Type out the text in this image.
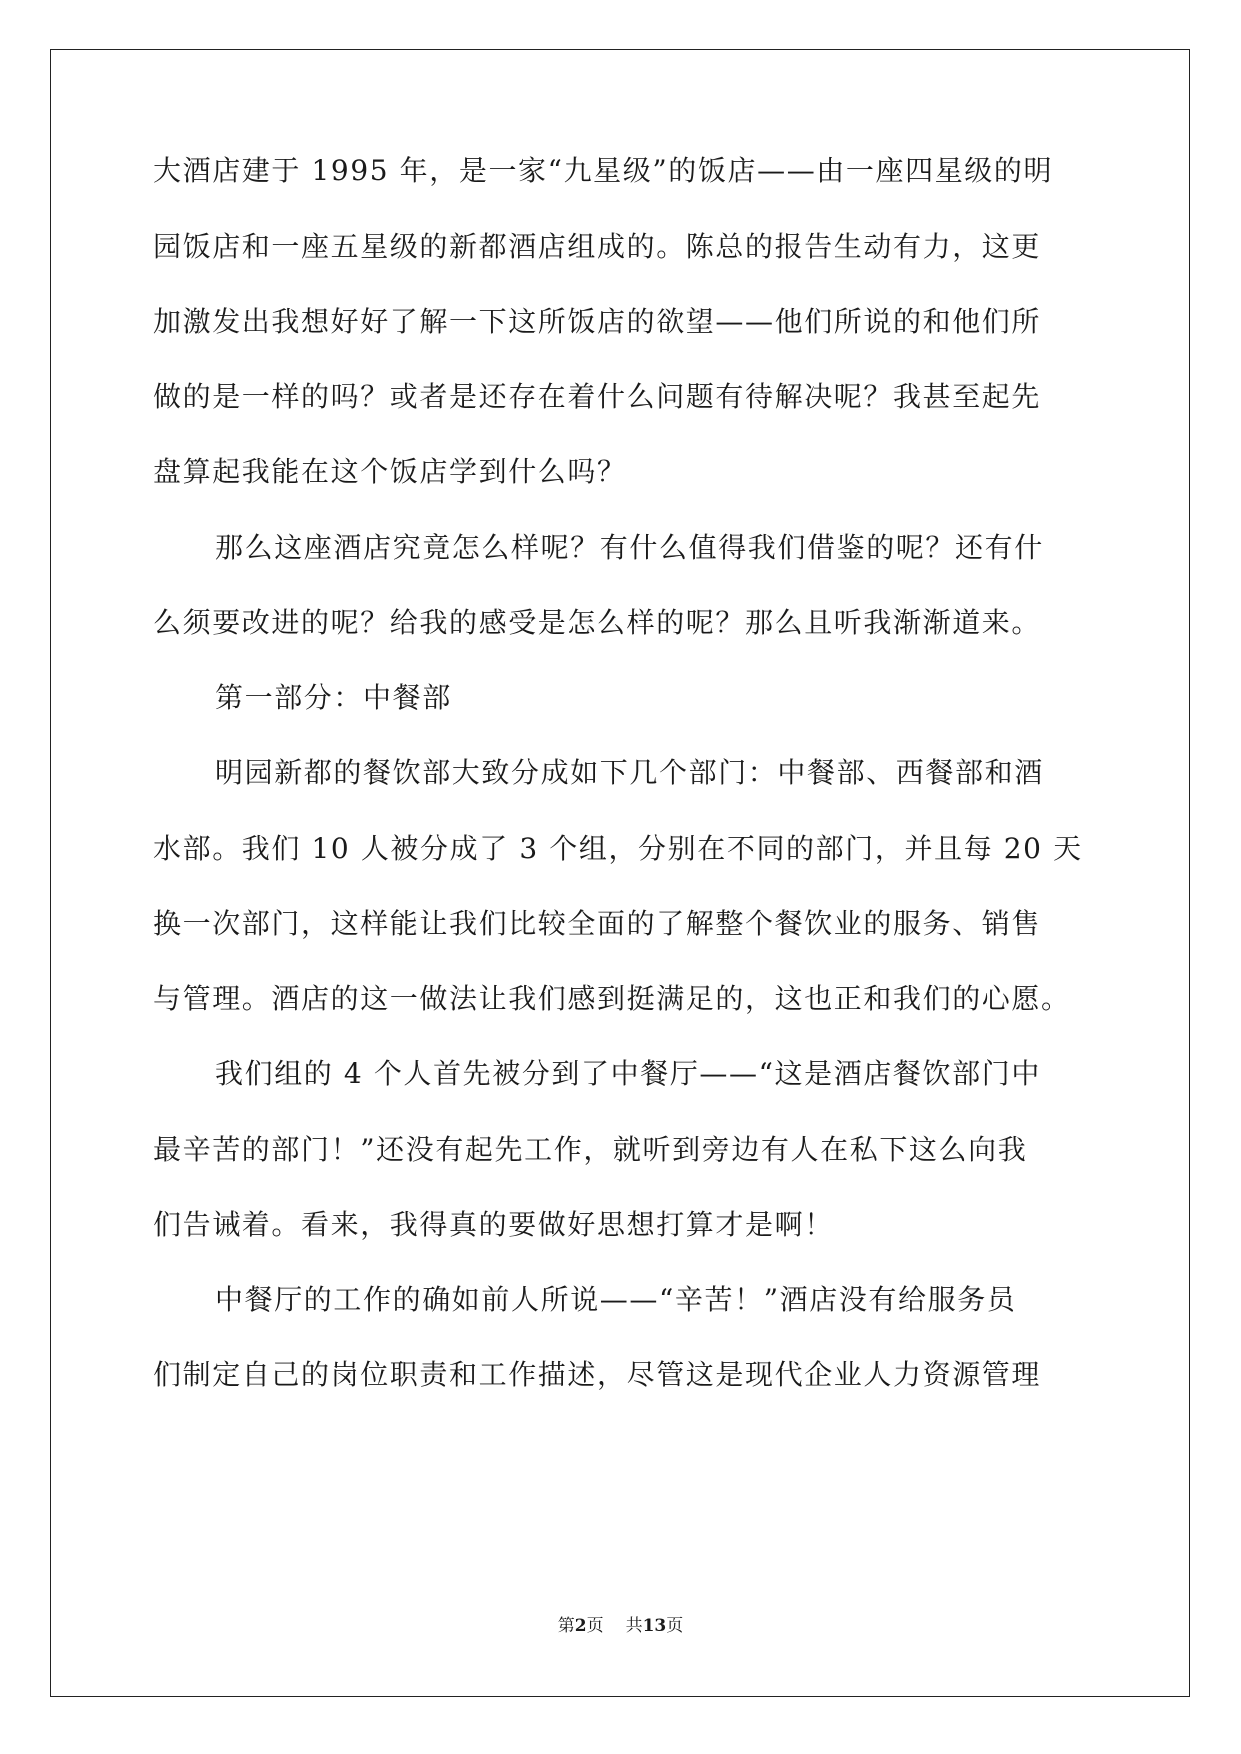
大酒店建于 1995 年，是一家“九星级”的饭店——由一座四星级的明
园饭店和一座五星级的新都酒店组成的。陈总的报告生动有力，这更
加激发出我想好好了解一下这所饭店的欲望——他们所说的和他们所
做的是一样的吗？或者是还存在着什么问题有待解决呢？我甚至起先
盘算起我能在这个饭店学到什么吗？
那么这座酒店究竟怎么样呢？有什么值得我们借鉴的呢？还有什
么须要改进的呢？给我的感受是怎么样的呢？那么且听我渐渐道来。
第一部分：中餐部
明园新都的餐饮部大致分成如下几个部门：中餐部、西餐部和酒
水部。我们 10 人被分成了 3 个组，分别在不同的部门，并且每 20 天
换一次部门，这样能让我们比较全面的了解整个餐饮业的服务、销售
与管理。酒店的这一做法让我们感到挺满足的，这也正和我们的心愿。
我们组的 4 个人首先被分到了中餐厅——“这是酒店餐饮部门中
最辛苦的部门！”还没有起先工作，就听到旁边有人在私下这么向我
们告诫着。看来，我得真的要做好思想打算才是啊！
中餐厅的工作的确如前人所说——“辛苦！”酒店没有给服务员
们制定自己的岗位职责和工作描述，尽管这是现代企业人力资源管理
第2页 共13页
